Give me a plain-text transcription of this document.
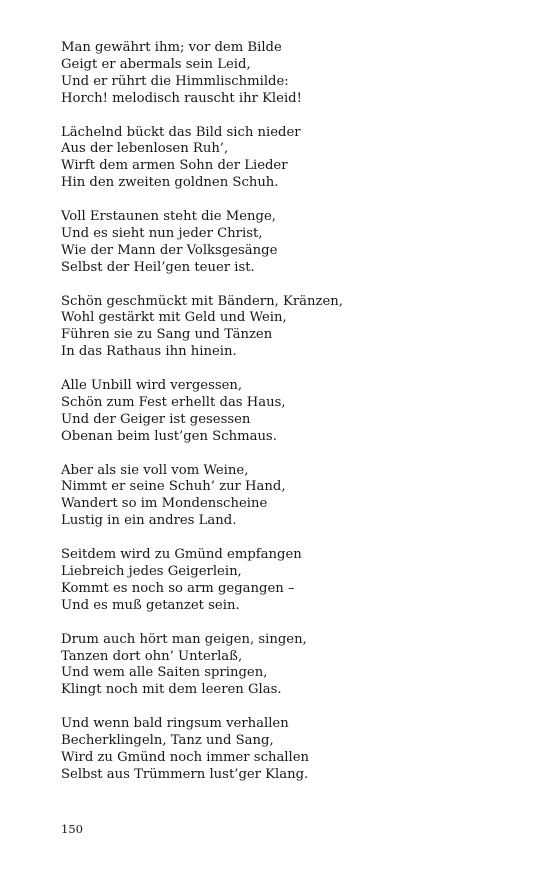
Man gewährt ihm; vor dem Bilde
Geigt er abermals sein Leid,
Und er rührt die Himmlischmilde:
Horch! melodisch rauscht ihr Kleid!
Lächelnd bückt das Bild sich nieder
Aus der lebenlosen Ruh’,
Wirft dem armen Sohn der Lieder
Hin den zweiten goldnen Schuh.
Voll Erstaunen steht die Menge,
Und es sieht nun jeder Christ,
Wie der Mann der Volksgesänge
Selbst der Heil’gen teuer ist.
Schön geschmückt mit Bändern, Kränzen,
Wohl gestärkt mit Geld und Wein,
Führen sie zu Sang und Tänzen
In das Rathaus ihn hinein.
Alle Unbill wird vergessen,
Schön zum Fest erhellt das Haus,
Und der Geiger ist gesessen
Obenan beim lust’gen Schmaus.
Aber als sie voll vom Weine,
Nimmt er seine Schuh’ zur Hand,
Wandert so im Mondenscheine
Lustig in ein andres Land.
Seitdem wird zu Gmünd empfangen
Liebreich jedes Geigerlein,
Kommt es noch so arm gegangen –
Und es muß getanzet sein.
Drum auch hört man geigen, singen,
Tanzen dort ohn’ Unterlaß,
Und wem alle Saiten springen,
Klingt noch mit dem leeren Glas.
Und wenn bald ringsum verhallen
Becherklingeln, Tanz und Sang,
Wird zu Gmünd noch immer schallen
Selbst aus Trümmern lust’ger Klang.
150
